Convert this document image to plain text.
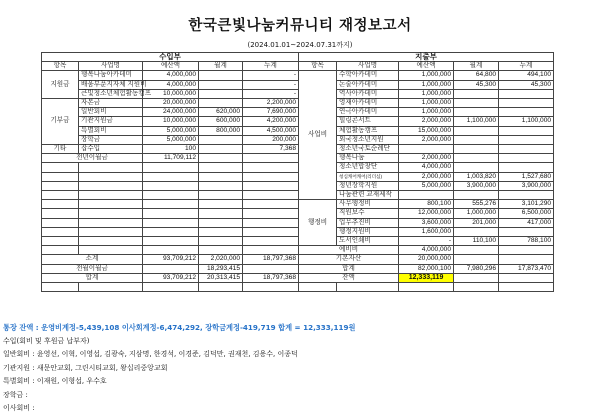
한국큰빛나눔커뮤니티 재정보고서
(2024.01.01~2024.07.31까지)
수입부					지출부				
항목	사업명	예산액	월계	누계	항목	사업명	예산액	월계	누계
지원금	행복나눔아카데미	4,000,000		-	사업비	수학아카데미	1,000,000	64,800	494,100
	배움부푼지자체 지원비	4,000,000		-		논술아카데미	1,000,000	45,300	45,300
	큰빛청소년체험활동캠프	10,000,000		-		역사아카데미	1,000,000		
기부금	자본금	20,000,000		2,200,000		영재아카데미	1,000,000		
	일반회비	24,000,000	620,000	7,690,000		연극아카데미	1,000,000		
	기관지원금	10,000,000	600,000	4,200,000		힐링콘서트	2,000,000	1,100,000	1,100,000
	특별회비	5,000,000	800,000	4,500,000		체험활동캠프	15,000,000		
	장학금	5,000,000		200,000		외국청소년지원	2,000,000		
기타	잡수입	100		7,368		청소년국토순례단			
전년이월금		11,709,112				행복나눔	2,000,000		
						청소년합창단	4,000,000		
						청심캐어캐어(리더십)	2,000,000	1,003,820	1,527,680
						청년장학지원	5,000,000	3,900,000	3,900,000
						나눔관련 교재제작			
					행정비	사무행정비	800,100	555,276	3,101,290
						직원보수	12,000,000	1,000,000	6,500,000
						업무추진비	3,600,000	201,000	417,000
						행정지원비	1,600,000		
						도서인쇄비	-	110,100	788,100
					예비비		4,000,000		
소계		93,709,212	2,020,000	18,797,368	기본자산		20,000,000		
전월이월금			18,293,415		합계		82,000,100	7,980,296	17,873,470
합계		93,709,212	20,313,415	18,797,368	잔액		12,333,119		

통장 잔액 : 운영비계정-5,439,108 이사회계정-6,474,292, 장학금계정-419,719 합계 = 12,333,119원
수입(회비 및 후원금 납부자)
일반회비 : 윤영선, 이혁, 이영섭, 김광숙, 지삼명, 한경석, 이경준, 김덕만, 권재천, 김용수, 이종덕
기관지원 : 새문안교회, 그린시티교회, 왕십리중앙교회
특별회비 : 이재원, 이형섭, 우수호
장학금 :
이사회비 :
